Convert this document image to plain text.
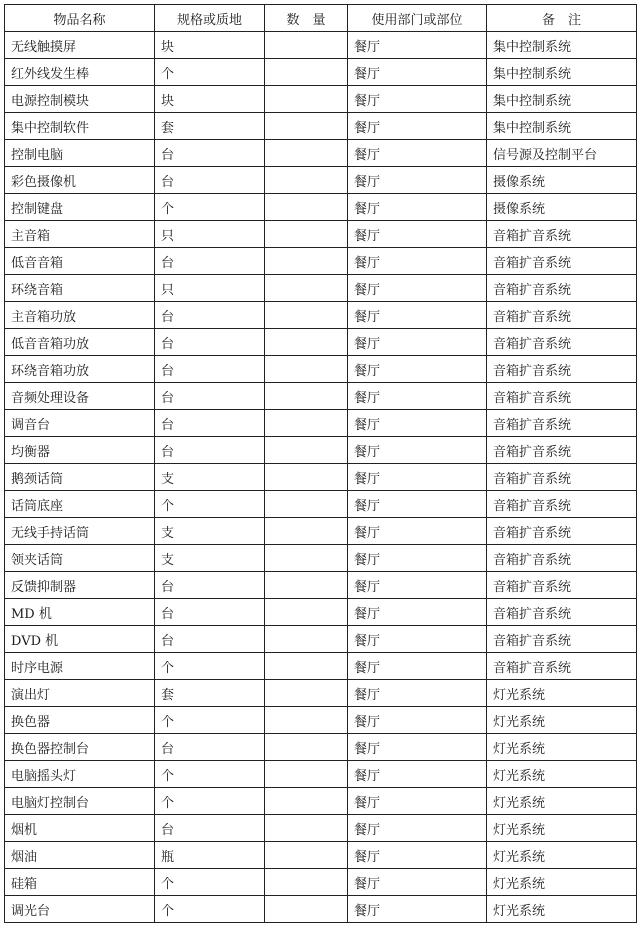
物品名称	规格或质地	数　量	使用部门或部位	备　注
无线触摸屏	块		餐厅	集中控制系统
红外线发生棒	个		餐厅	集中控制系统
电源控制模块	块		餐厅	集中控制系统
集中控制软件	套		餐厅	集中控制系统
控制电脑	台		餐厅	信号源及控制平台
彩色摄像机	台		餐厅	摄像系统
控制键盘	个		餐厅	摄像系统
主音箱	只		餐厅	音箱扩音系统
低音音箱	台		餐厅	音箱扩音系统
环绕音箱	只		餐厅	音箱扩音系统
主音箱功放	台		餐厅	音箱扩音系统
低音音箱功放	台		餐厅	音箱扩音系统
环绕音箱功放	台		餐厅	音箱扩音系统
音频处理设备	台		餐厅	音箱扩音系统
调音台	台		餐厅	音箱扩音系统
均衡器	台		餐厅	音箱扩音系统
鹅颈话筒	支		餐厅	音箱扩音系统
话筒底座	个		餐厅	音箱扩音系统
无线手持话筒	支		餐厅	音箱扩音系统
领夹话筒	支		餐厅	音箱扩音系统
反馈抑制器	台		餐厅	音箱扩音系统
MD 机	台		餐厅	音箱扩音系统
DVD 机	台		餐厅	音箱扩音系统
时序电源	个		餐厅	音箱扩音系统
演出灯	套		餐厅	灯光系统
换色器	个		餐厅	灯光系统
换色器控制台	台		餐厅	灯光系统
电脑摇头灯	个		餐厅	灯光系统
电脑灯控制台	个		餐厅	灯光系统
烟机	台		餐厅	灯光系统
烟油	瓶		餐厅	灯光系统
硅箱	个		餐厅	灯光系统
调光台	个		餐厅	灯光系统
